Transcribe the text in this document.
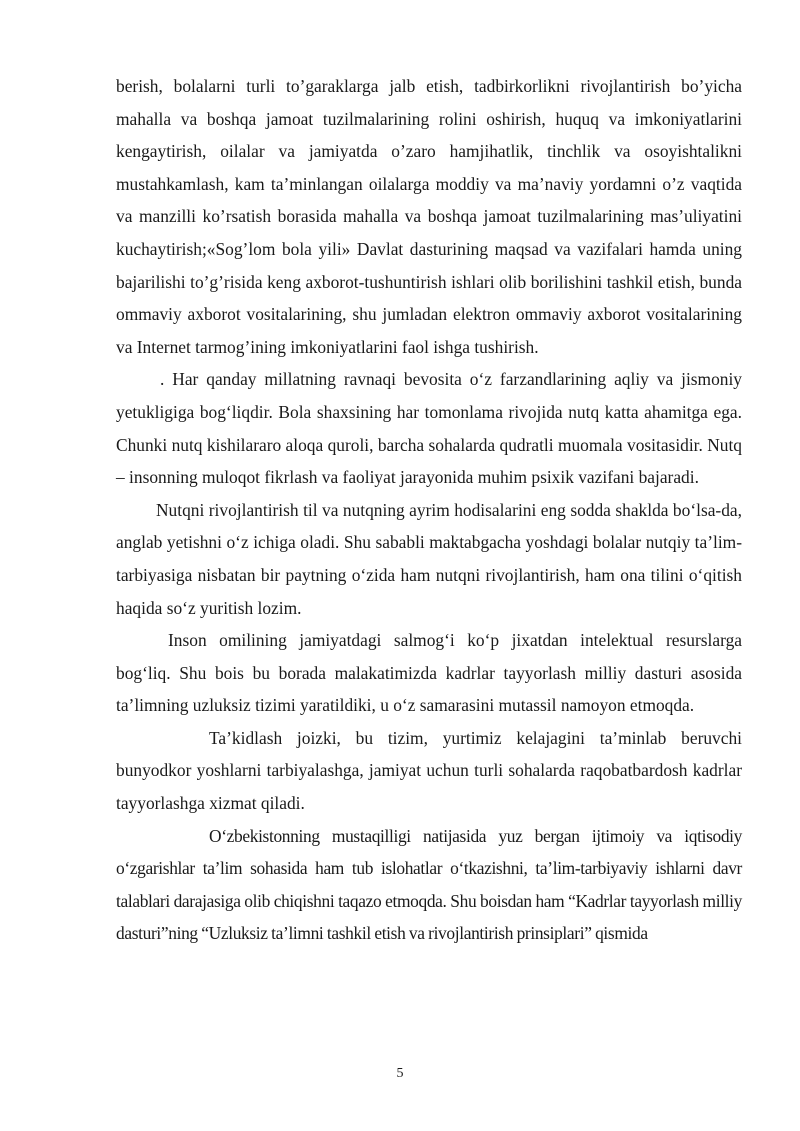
berish, bolalarni turli to’garaklarga jalb etish, tadbirkorlikni rivojlantirish bo’yicha mahalla va boshqa jamoat tuzilmalarining rolini oshirish, huquq va imkoniyatlarini kengaytirish, oilalar va jamiyatda o’zaro hamjihatlik, tinchlik va osoyishtalikni mustahkamlash, kam ta’minlangan oilalarga moddiy va ma’naviy yordamni o’z vaqtida va manzilli ko’rsatish borasida mahalla va boshqa jamoat tuzilmalarining mas’uliyatini kuchaytirish;«Sog’lom bola yili» Davlat dasturining maqsad va vazifalari hamda uning bajarilishi to’g’risida keng axborot-tushuntirish ishlari olib borilishini tashkil etish, bunda ommaviy axborot vositalarining, shu jumladan elektron ommaviy axborot vositalarining va Internet tarmog’ining imkoniyatlarini faol ishga tushirish.

. Har qanday millatning ravnaqi bevosita oʻz farzandlarining aqliy va jismoniy yetukligiga bogʻliqdir. Bola shaxsining har tomonlama rivojida nutq katta ahamitga ega. Chunki nutq kishilararo aloqa quroli, barcha sohalarda qudratli muomala vositasidir. Nutq – insonning muloqot fikrlash va faoliyat jarayonida muhim psixik vazifani bajaradi.

Nutqni rivojlantirish til va nutqning ayrim hodisalarini eng sodda shaklda boʻlsa-da, anglab yetishni oʻz ichiga oladi. Shu sababli maktabgacha yoshdagi bolalar nutqiy taʼlim-tarbiyasiga nisbatan bir paytning oʻzida ham nutqni rivojlantirish, ham ona tilini oʻqitish haqida soʻz yuritish lozim.

Inson omilining jamiyatdagi salmogʻi koʻp jixatdan intelektual resurslarga bogʻliq. Shu bois bu borada malakatimizda kadrlar tayyorlash milliy dasturi asosida taʼlimning uzluksiz tizimi yaratildiki, u oʻz samarasini mutassil namoyon etmoqda.

Taʼkidlash joizki, bu tizim, yurtimiz kelajagini taʼminlab beruvchi bunyodkor yoshlarni tarbiyalashga, jamiyat uchun turli sohalarda raqobatbardosh kadrlar tayyorlashga xizmat qiladi.

Oʻzbekistonning mustaqilligi natijasida yuz bergan ijtimoiy va iqtisodiy oʻzgarishlar taʼlim sohasida ham tub islohatlar oʻtkazishni, taʼlim-tarbiyaviy ishlarni davr talablari darajasiga olib chiqishni taqazo etmoqda. Shu boisdan ham “Kadrlar tayyorlash milliy dasturi”ning “Uzluksiz taʼlimni tashkil etish va rivojlantirish prinsiplari” qismida

5
